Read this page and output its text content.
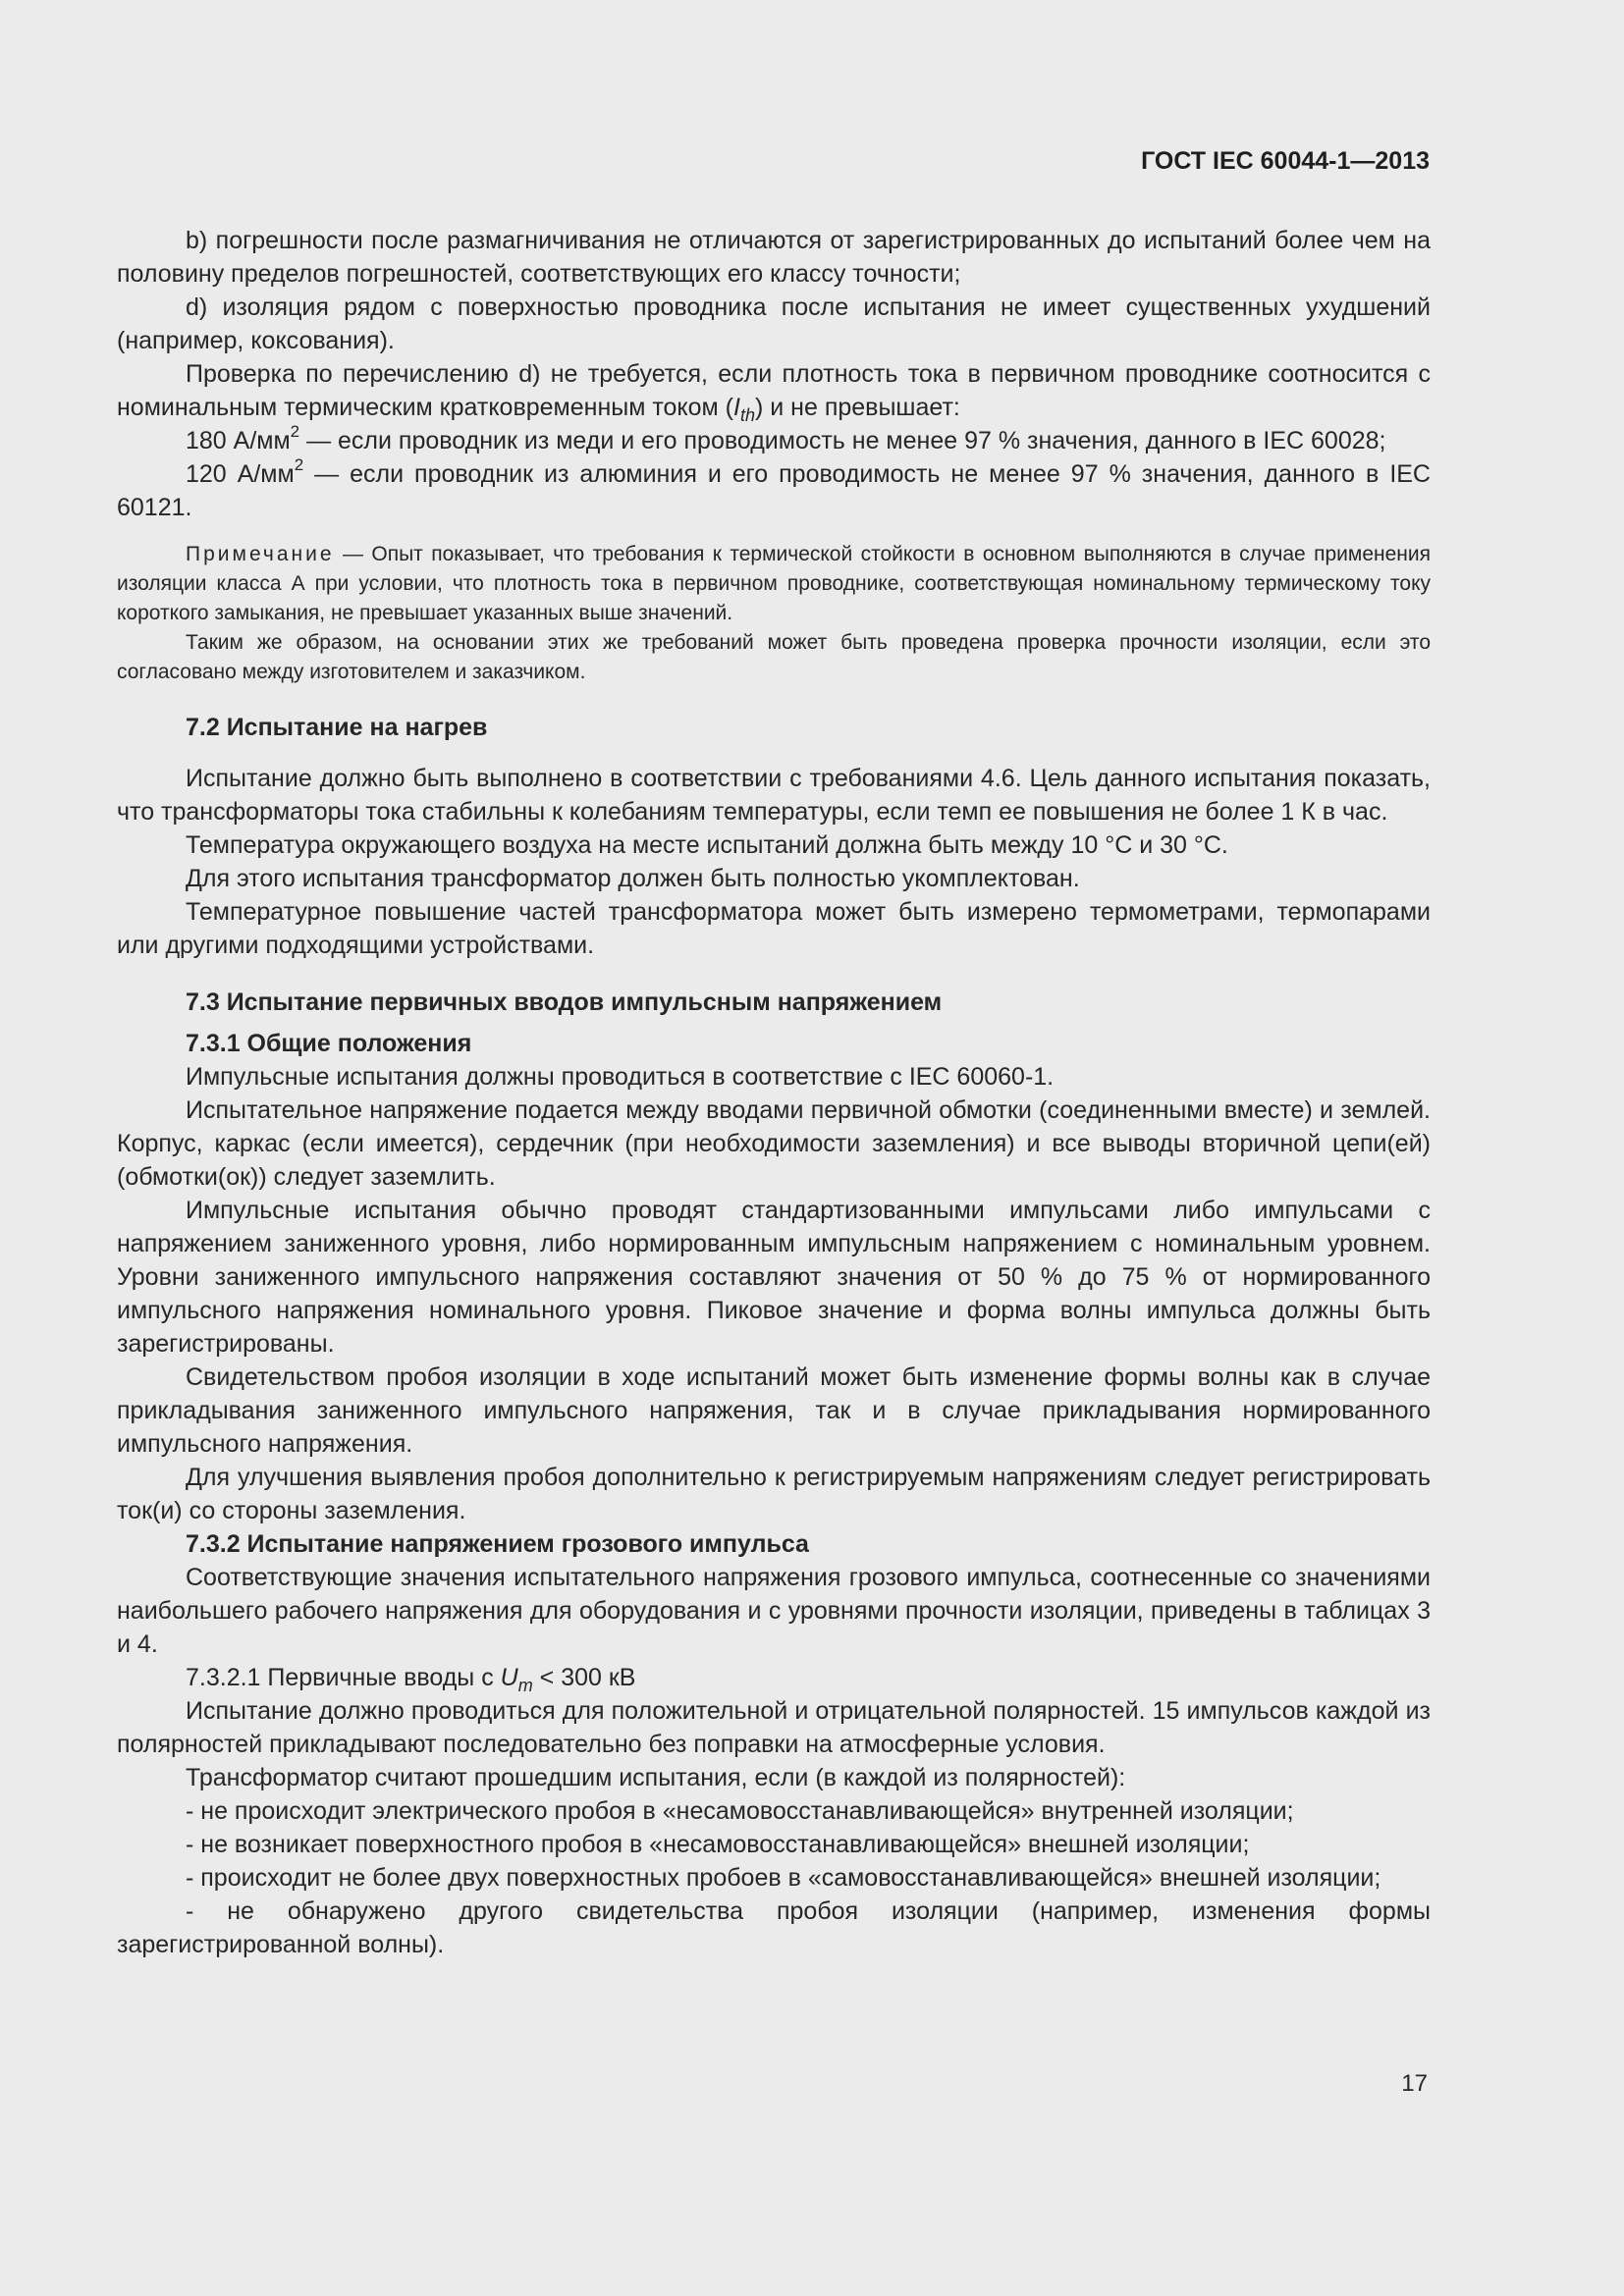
ГОСТ IEC 60044-1—2013

b) погрешности после размагничивания не отличаются от зарегистрированных до испытаний более чем на половину пределов погрешностей, соответствующих его классу точности;

d) изоляция рядом с поверхностью проводника после испытания не имеет существенных ухудшений (например, коксования).

Проверка по перечислению d) не требуется, если плотность тока в первичном проводнике соотносится с номинальным термическим кратковременным током $(I_{th})$ и не превышает:

180 $А/мм^2$ — если проводник из меди и его проводимость не менее 97 % значения, данного в IEC 60028;

120 $А/мм^2$ — если проводник из алюминия и его проводимость не менее 97 % значения, данного в IEC 60121.

Примечание — Опыт показывает, что требования к термической стойкости в основном выполняются в случае применения изоляции класса А при условии, что плотность тока в первичном проводнике, соответствующая номинальному термическому току короткого замыкания, не превышает указанных выше значений.

Таким же образом, на основании этих же требований может быть проведена проверка прочности изоляции, если это согласовано между изготовителем и заказчиком.

7.2 Испытание на нагрев

Испытание должно быть выполнено в соответствии с требованиями 4.6. Цель данного испытания показать, что трансформаторы тока стабильны к колебаниям температуры, если темп ее повышения не более 1 К в час.

Температура окружающего воздуха на месте испытаний должна быть между 10 °С и 30 °С.

Для этого испытания трансформатор должен быть полностью укомплектован.

Температурное повышение частей трансформатора может быть измерено термометрами, термопарами или другими подходящими устройствами.

7.3 Испытание первичных вводов импульсным напряжением

7.3.1 Общие положения

Импульсные испытания должны проводиться в соответствие с IEC 60060-1.

Испытательное напряжение подается между вводами первичной обмотки (соединенными вместе) и землей. Корпус, каркас (если имеется), сердечник (при необходимости заземления) и все выводы вторичной цепи(ей) (обмотки(ок)) следует заземлить.

Импульсные испытания обычно проводят стандартизованными импульсами либо импульсами с напряжением заниженного уровня, либо нормированным импульсным напряжением с номинальным уровнем. Уровни заниженного импульсного напряжения составляют значения от 50 % до 75 % от нормированного импульсного напряжения номинального уровня. Пиковое значение и форма волны импульса должны быть зарегистрированы.

Свидетельством пробоя изоляции в ходе испытаний может быть изменение формы волны как в случае прикладывания заниженного импульсного напряжения, так и в случае прикладывания нормированного импульсного напряжения.

Для улучшения выявления пробоя дополнительно к регистрируемым напряжениям следует регистрировать ток(и) со стороны заземления.

7.3.2 Испытание напряжением грозового импульса

Соответствующие значения испытательного напряжения грозового импульса, соотнесенные со значениями наибольшего рабочего напряжения для оборудования и с уровнями прочности изоляции, приведены в таблицах 3 и 4.

7.3.2.1 Первичные вводы с $U_m < 300$ кВ

Испытание должно проводиться для положительной и отрицательной полярностей. 15 импульсов каждой из полярностей прикладывают последовательно без поправки на атмосферные условия.

Трансформатор считают прошедшим испытания, если (в каждой из полярностей):

- не происходит электрического пробоя в «несамовосстанавливающейся» внутренней изоляции;

- не возникает поверхностного пробоя в «несамовосстанавливающейся» внешней изоляции;

- происходит не более двух поверхностных пробоев в «самовосстанавливающейся» внешней изоляции;

- не обнаружено другого свидетельства пробоя изоляции (например, изменения формы зарегистрированной волны).

17
